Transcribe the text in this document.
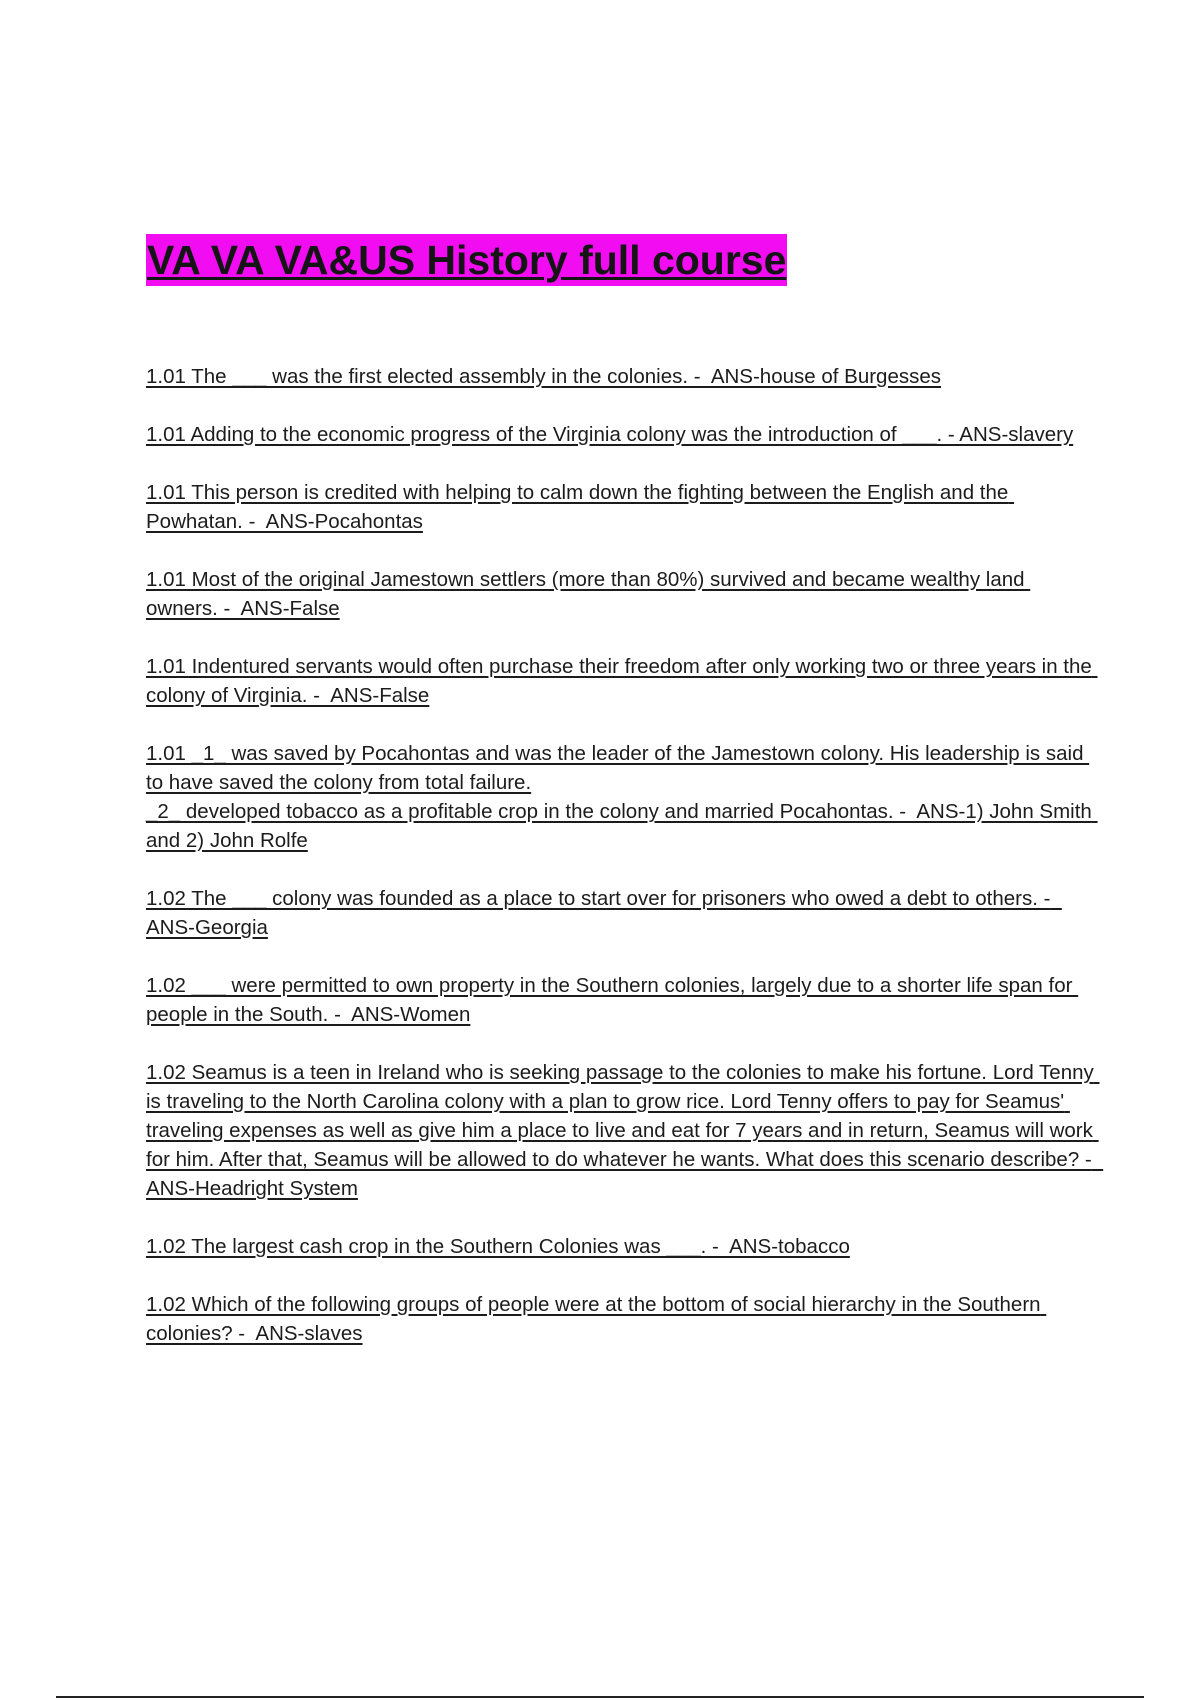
VA VA VA&US History full course

1.01 The ___ was the first elected assembly in the colonies. -  ANS-house of Burgesses

1.01 Adding to the economic progress of the Virginia colony was the introduction of ___. - ANS-slavery

1.01 This person is credited with helping to calm down the fighting between the English and the Powhatan. -  ANS-Pocahontas

1.01 Most of the original Jamestown settlers (more than 80%) survived and became wealthy land owners. -  ANS-False

1.01 Indentured servants would often purchase their freedom after only working two or three years in the colony of Virginia. -  ANS-False

1.01 _1_ was saved by Pocahontas and was the leader of the Jamestown colony. His leadership is said to have saved the colony from total failure.
_2_ developed tobacco as a profitable crop in the colony and married Pocahontas. -  ANS-1) John Smith and 2) John Rolfe

1.02 The ___ colony was founded as a place to start over for prisoners who owed a debt to others. -  ANS-Georgia

1.02 ___ were permitted to own property in the Southern colonies, largely due to a shorter life span for people in the South. -  ANS-Women

1.02 Seamus is a teen in Ireland who is seeking passage to the colonies to make his fortune. Lord Tenny is traveling to the North Carolina colony with a plan to grow rice. Lord Tenny offers to pay for Seamus' traveling expenses as well as give him a place to live and eat for 7 years and in return, Seamus will work for him. After that, Seamus will be allowed to do whatever he wants. What does this scenario describe? -  ANS-Headright System

1.02 The largest cash crop in the Southern Colonies was ___. -  ANS-tobacco

1.02 Which of the following groups of people were at the bottom of social hierarchy in the Southern colonies? -  ANS-slaves
